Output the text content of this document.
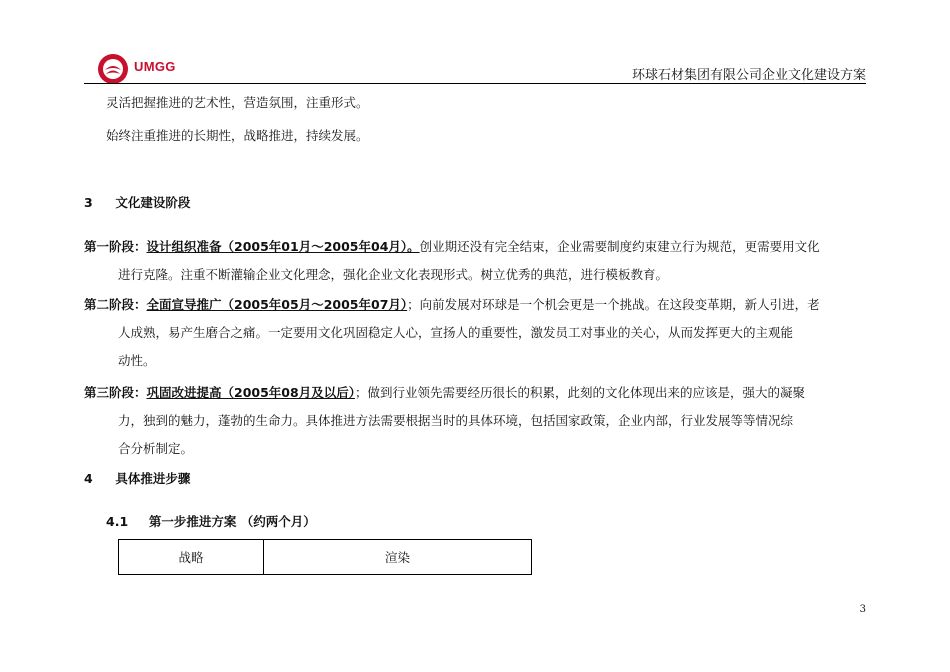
UMGG
环球石材集团有限公司企业文化建设方案
灵活把握推进的艺术性，营造氛围，注重形式。
始终注重推进的长期性，战略推进，持续发展。
3 文化建设阶段
第一阶段：设计组织准备（2005年01月～2005年04月）。创业期还没有完全结束，企业需要制度约束建立行为规范，更需要用文化
进行克隆。注重不断灌输企业文化理念，强化企业文化表现形式。树立优秀的典范，进行模板教育。
第二阶段：全面宣导推广（2005年05月～2005年07月）；向前发展对环球是一个机会更是一个挑战。在这段变革期，新人引进，老
人成熟，易产生磨合之痛。一定要用文化巩固稳定人心，宣扬人的重要性，激发员工对事业的关心，从而发挥更大的主观能
动性。
第三阶段：巩固改进提高（2005年08月及以后）；做到行业领先需要经历很长的积累，此刻的文化体现出来的应该是，强大的凝聚
力，独到的魅力，蓬勃的生命力。具体推进方法需要根据当时的具体环境，包括国家政策，企业内部，行业发展等等情况综
合分析制定。
4 具体推进步骤
4.1 第一步推进方案 （约两个月）
战略	渲染
3
